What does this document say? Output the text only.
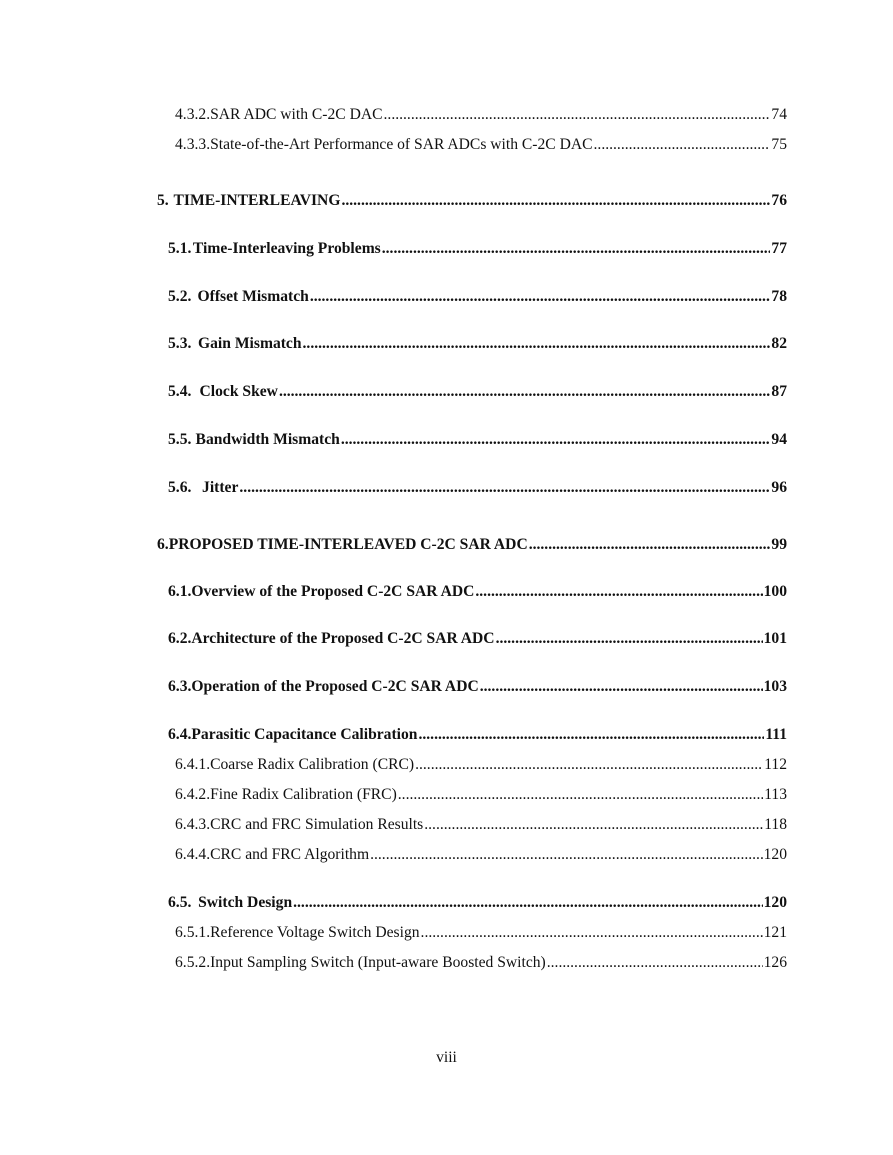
4.3.2. SAR ADC with C-2C DAC .....	74
4.3.3. State-of-the-Art Performance of SAR ADCs with C-2C DAC .....	75
5. TIME-INTERLEAVING .....	76
5.1. Time-Interleaving Problems .....	77
5.2. Offset Mismatch .....	78
5.3. Gain Mismatch .....	82
5.4. Clock Skew .....	87
5.5. Bandwidth Mismatch .....	94
5.6. Jitter .....	96
6. PROPOSED TIME-INTERLEAVED C-2C SAR ADC .....	99
6.1. Overview of the Proposed C-2C SAR ADC .....	100
6.2. Architecture of the Proposed C-2C SAR ADC .....	101
6.3. Operation of the Proposed C-2C SAR ADC .....	103
6.4. Parasitic Capacitance Calibration .....	111
6.4.1. Coarse Radix Calibration (CRC) .....	112
6.4.2. Fine Radix Calibration (FRC) .....	113
6.4.3. CRC and FRC Simulation Results .....	118
6.4.4. CRC and FRC Algorithm .....	120
6.5. Switch Design .....	120
6.5.1. Reference Voltage Switch Design .....	121
6.5.2. Input Sampling Switch (Input-aware Boosted Switch) .....	126
viii
